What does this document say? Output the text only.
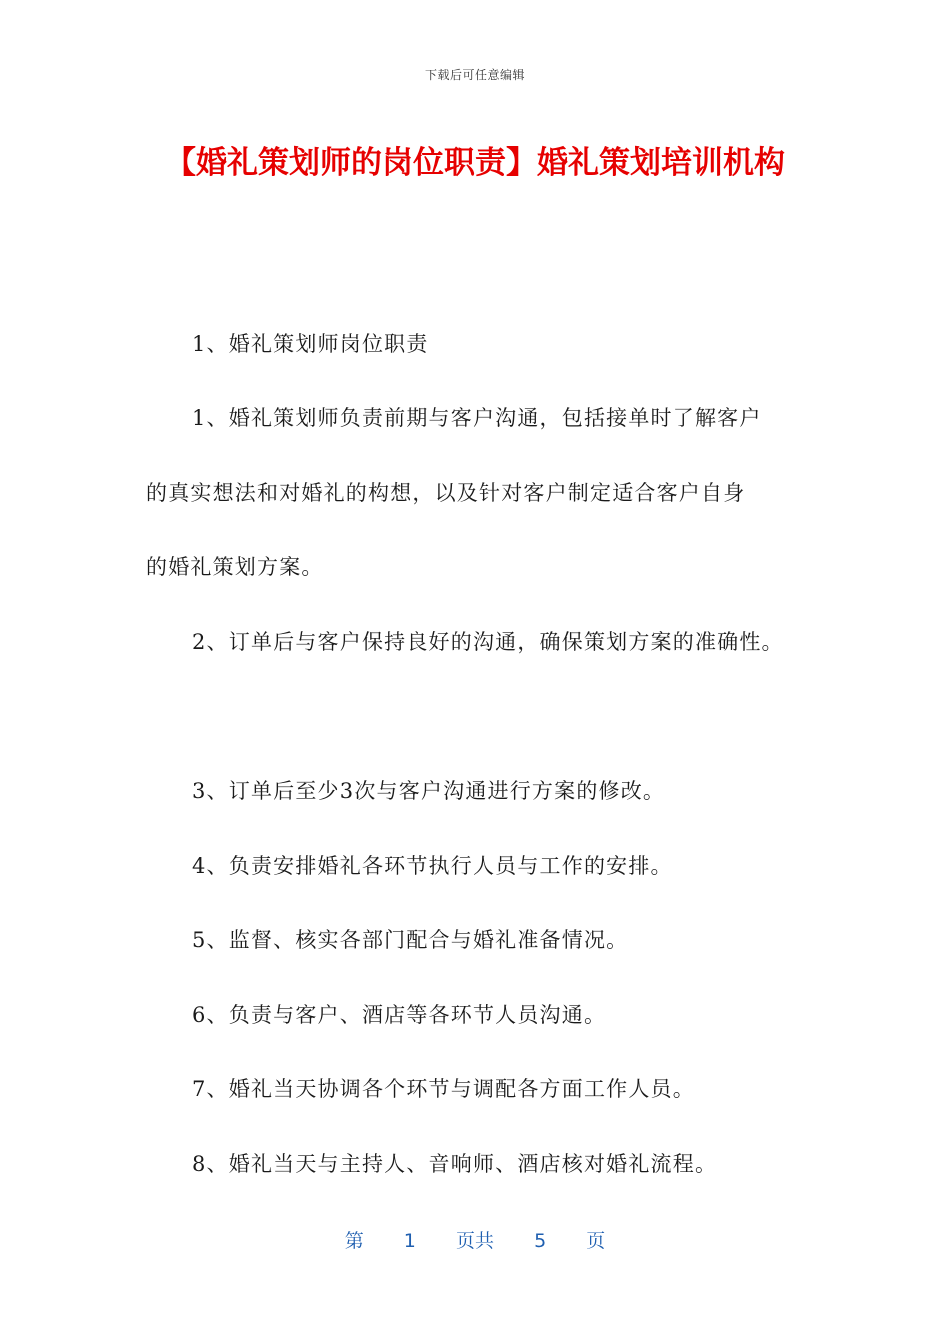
下载后可任意编辑
【婚礼策划师的岗位职责】婚礼策划培训机构

1、婚礼策划师岗位职责

1、婚礼策划师负责前期与客户沟通，包括接单时了解客户

的真实想法和对婚礼的构想，以及针对客户制定适合客户自身

的婚礼策划方案。

2、订单后与客户保持良好的沟通，确保策划方案的准确性。

3、订单后至少3次与客户沟通进行方案的修改。

4、负责安排婚礼各环节执行人员与工作的安排。

5、监督、核实各部门配合与婚礼准备情况。

6、负责与客户、酒店等各环节人员沟通。

7、婚礼当天协调各个环节与调配各方面工作人员。

8、婚礼当天与主持人、音响师、酒店核对婚礼流程。

第 1 页共 5 页
